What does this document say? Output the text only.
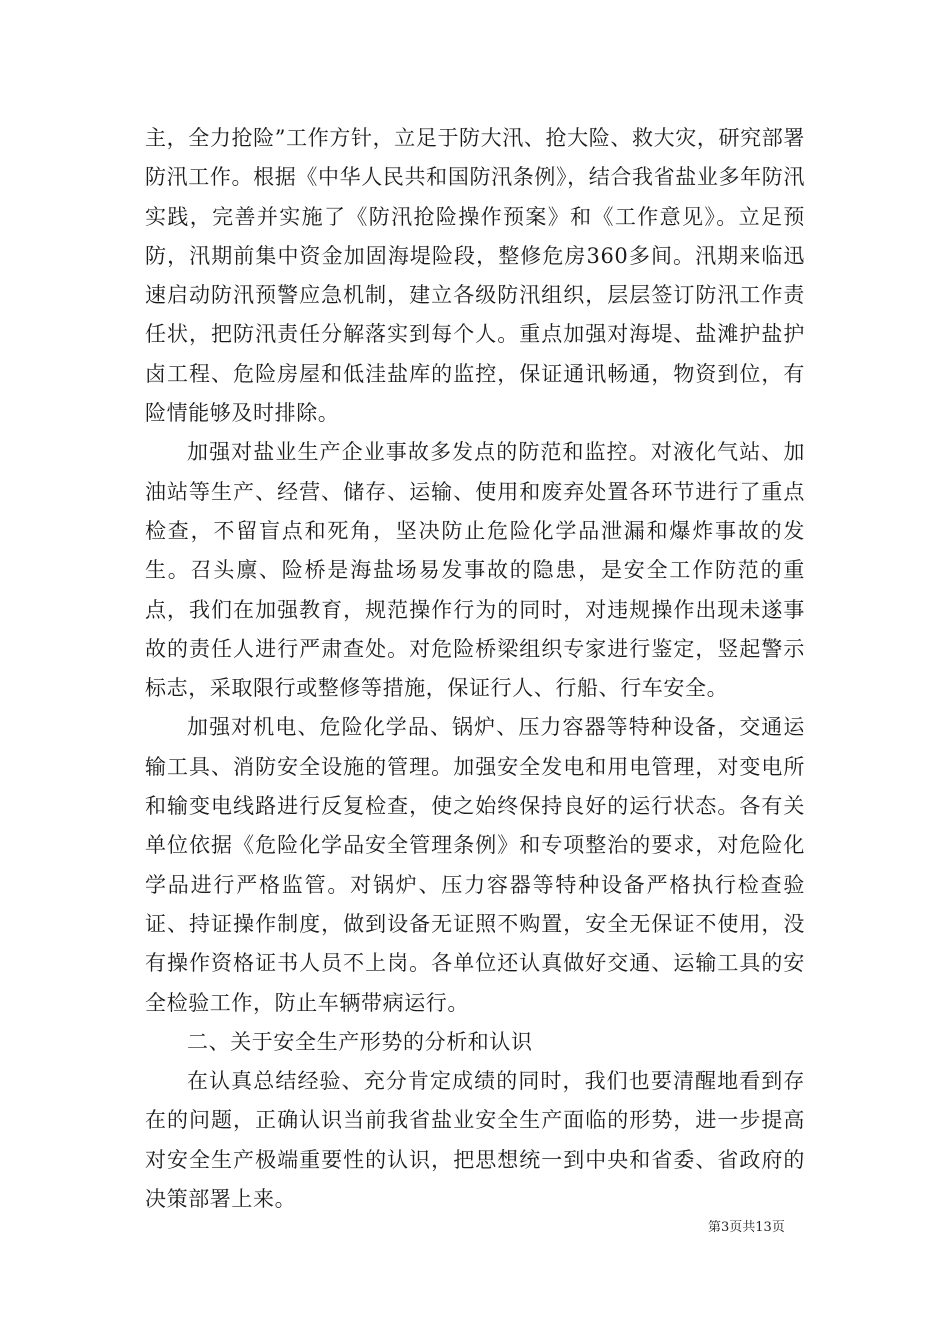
主，全力抢险”工作方针，立足于防大汛、抢大险、救大灾，研究部署防汛工作。根据《中华人民共和国防汛条例》，结合我省盐业多年防汛实践，完善并实施了《防汛抢险操作预案》和《工作意见》。立足预防，汛期前集中资金加固海堤险段，整修危房360多间。汛期来临迅速启动防汛预警应急机制，建立各级防汛组织，层层签订防汛工作责任状，把防汛责任分解落实到每个人。重点加强对海堤、盐滩护盐护卤工程、危险房屋和低洼盐库的监控，保证通讯畅通，物资到位，有险情能够及时排除。

加强对盐业生产企业事故多发点的防范和监控。对液化气站、加油站等生产、经营、储存、运输、使用和废弃处置各环节进行了重点检查，不留盲点和死角，坚决防止危险化学品泄漏和爆炸事故的发生。召头廪、险桥是海盐场易发事故的隐患，是安全工作防范的重点，我们在加强教育，规范操作行为的同时，对违规操作出现未遂事故的责任人进行严肃查处。对危险桥梁组织专家进行鉴定，竖起警示标志，采取限行或整修等措施，保证行人、行船、行车安全。

加强对机电、危险化学品、锅炉、压力容器等特种设备，交通运输工具、消防安全设施的管理。加强安全发电和用电管理，对变电所和输变电线路进行反复检查，使之始终保持良好的运行状态。各有关单位依据《危险化学品安全管理条例》和专项整治的要求，对危险化学品进行严格监管。对锅炉、压力容器等特种设备严格执行检查验证、持证操作制度，做到设备无证照不购置，安全无保证不使用，没有操作资格证书人员不上岗。各单位还认真做好交通、运输工具的安全检验工作，防止车辆带病运行。

二、关于安全生产形势的分析和认识

在认真总结经验、充分肯定成绩的同时，我们也要清醒地看到存在的问题，正确认识当前我省盐业安全生产面临的形势，进一步提高对安全生产极端重要性的认识，把思想统一到中央和省委、省政府的决策部署上来。

第3页共13页
